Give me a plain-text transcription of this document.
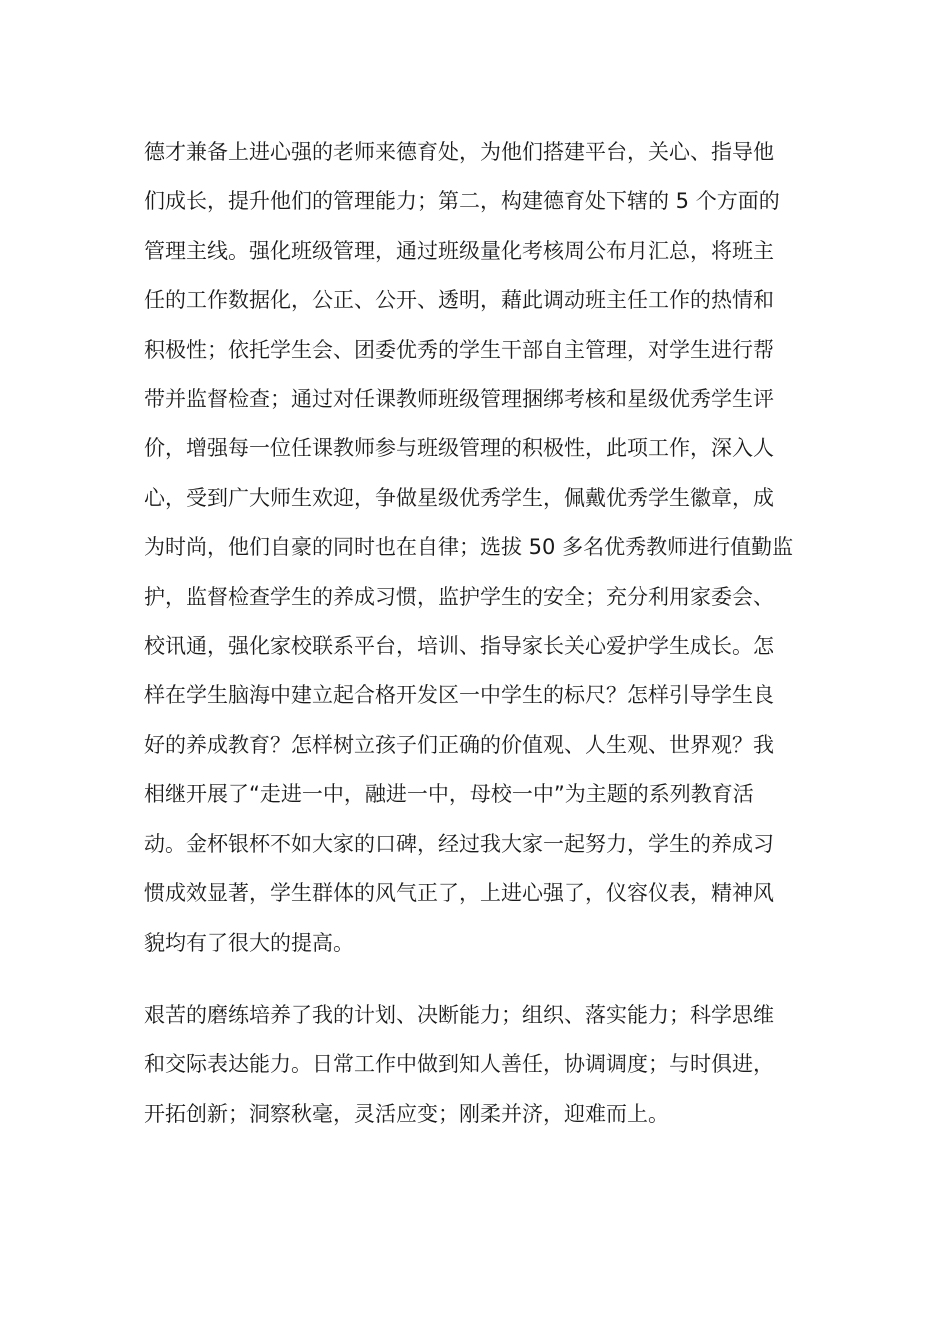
德才兼备上进心强的老师来德育处，为他们搭建平台，关心、指导他
们成长，提升他们的管理能力；第二，构建德育处下辖的 5 个方面的
管理主线。强化班级管理，通过班级量化考核周公布月汇总，将班主
任的工作数据化，公正、公开、透明，藉此调动班主任工作的热情和
积极性；依托学生会、团委优秀的学生干部自主管理，对学生进行帮
带并监督检查；通过对任课教师班级管理捆绑考核和星级优秀学生评
价，增强每一位任课教师参与班级管理的积极性，此项工作，深入人
心，受到广大师生欢迎，争做星级优秀学生，佩戴优秀学生徽章，成
为时尚，他们自豪的同时也在自律；选拔 50 多名优秀教师进行值勤监
护，监督检查学生的养成习惯，监护学生的安全；充分利用家委会、
校讯通，强化家校联系平台，培训、指导家长关心爱护学生成长。怎
样在学生脑海中建立起合格开发区一中学生的标尺？怎样引导学生良
好的养成教育？怎样树立孩子们正确的价值观、人生观、世界观？我
相继开展了“走进一中，融进一中，母校一中”为主题的系列教育活
动。金杯银杯不如大家的口碑，经过我大家一起努力，学生的养成习
惯成效显著，学生群体的风气正了，上进心强了，仪容仪表，精神风
貌均有了很大的提高。

艰苦的磨练培养了我的计划、决断能力；组织、落实能力；科学思维
和交际表达能力。日常工作中做到知人善任，协调调度；与时俱进，
开拓创新；洞察秋毫，灵活应变；刚柔并济，迎难而上。
